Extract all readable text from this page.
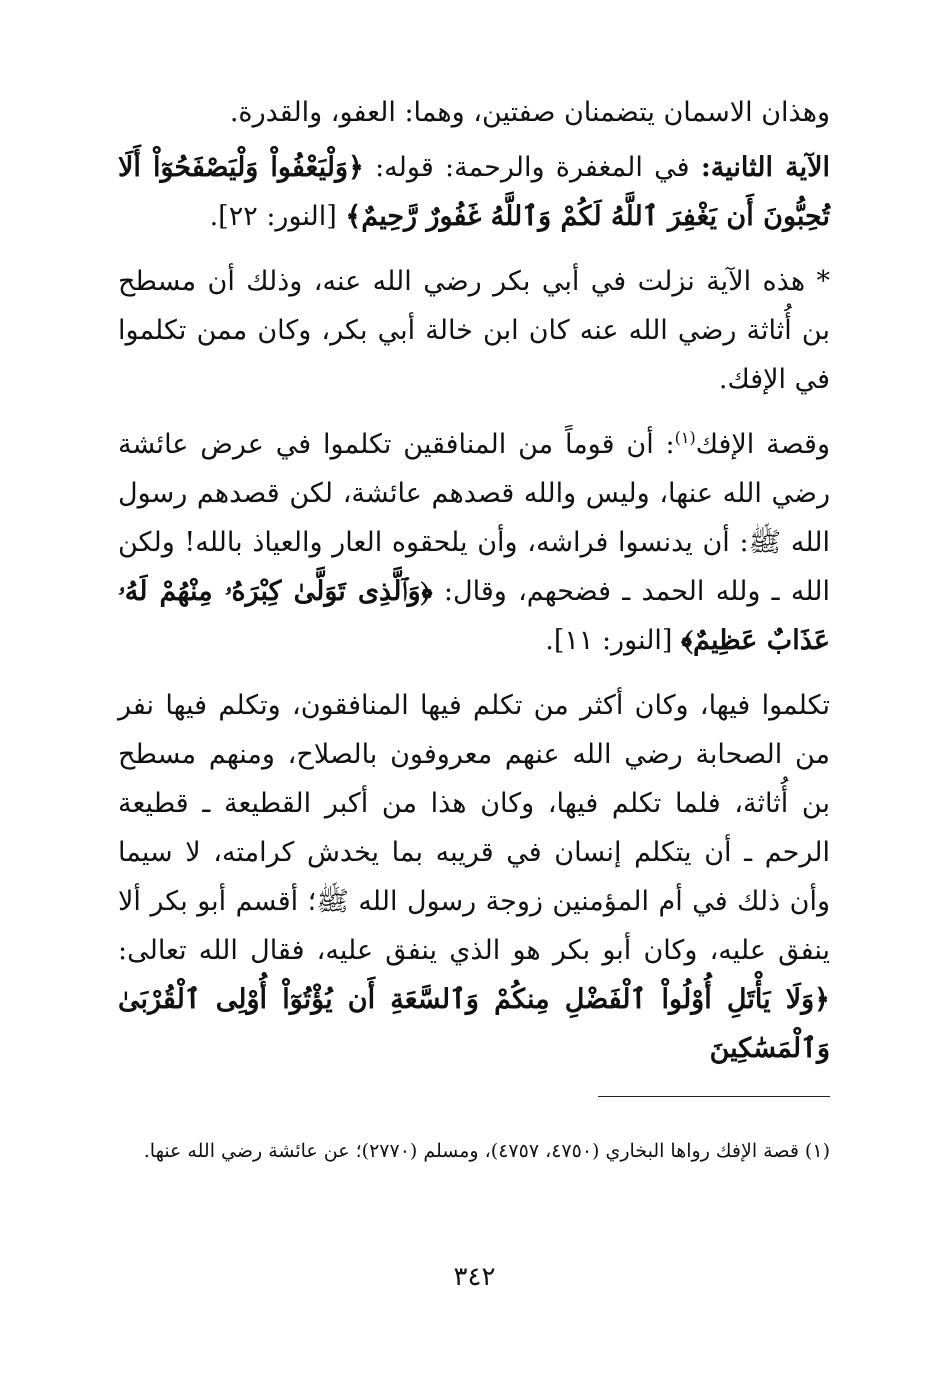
وهذان الاسمان يتضمنان صفتين، وهما: العفو، والقدرة.

الآية الثانية: في المغفرة والرحمة: قوله: ﴿وَلْيَعْفُواْ وَلْيَصْفَحُوٓاْ أَلَا تُحِبُّونَ أَن يَغْفِرَ ٱللَّهُ لَكُمْ وَٱللَّهُ غَفُورٌ رَّحِيمٌ﴾ [النور: ٢٢].

* هذه الآية نزلت في أبي بكر رضي الله عنه، وذلك أن مسطح بن أُثاثة رضي الله عنه كان ابن خالة أبي بكر، وكان ممن تكلموا في الإفك.

وقصة الإفك$^{(١)}$: أن قوماً من المنافقين تكلموا في عرض عائشة رضي الله عنها، وليس والله قصدهم عائشة، لكن قصدهم رسول الله ﷺ: أن يدنسوا فراشه، وأن يلحقوه العار والعياذ بالله! ولكن الله ـ ولله الحمد ـ فضحهم، وقال: ﴿وَٱلَّذِى تَوَلَّىٰ كِبْرَهُۥ مِنْهُمْ لَهُۥ عَذَابٌ عَظِيمٌ﴾ [النور: ١١].

تكلموا فيها، وكان أكثر من تكلم فيها المنافقون، وتكلم فيها نفر من الصحابة رضي الله عنهم معروفون بالصلاح، ومنهم مسطح بن أُثاثة، فلما تكلم فيها، وكان هذا من أكبر القطيعة ـ قطيعة الرحم ـ أن يتكلم إنسان في قريبه بما يخدش كرامته، لا سيما وأن ذلك في أم المؤمنين زوجة رسول الله ﷺ؛ أقسم أبو بكر ألا ينفق عليه، وكان أبو بكر هو الذي ينفق عليه، فقال الله تعالى: ﴿وَلَا يَأْتَلِ أُوْلُواْ ٱلْفَضْلِ مِنكُمْ وَٱلسَّعَةِ أَن يُؤْتُوٓاْ أُوْلِى ٱلْقُرْبَىٰ وَٱلْمَسَٰكِينَ

(١) قصة الإفك رواها البخاري (٤٧٥٠، ٤٧٥٧)، ومسلم (٢٧٧٠)؛ عن عائشة رضي الله عنها.

٣٤٢
